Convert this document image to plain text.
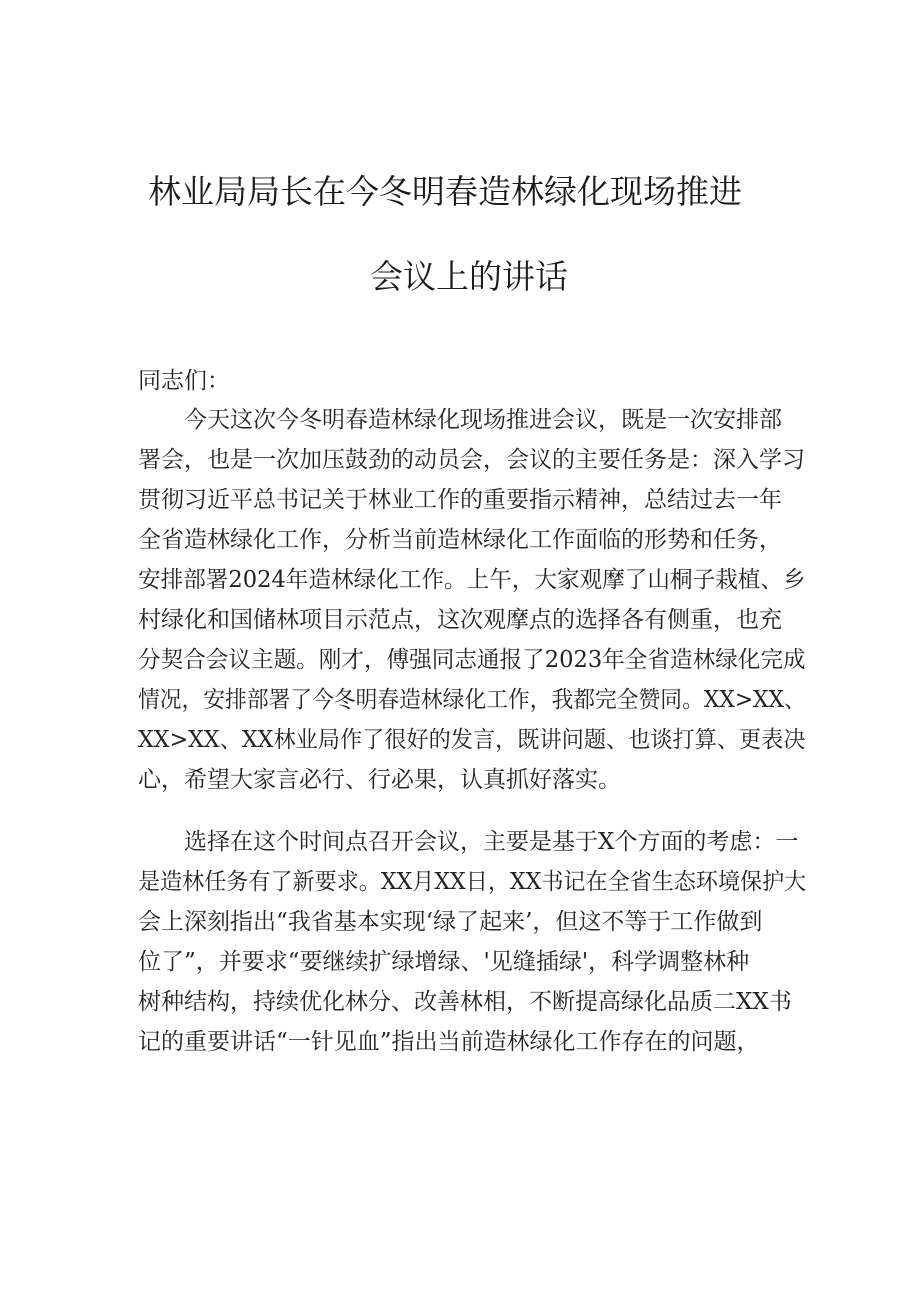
林业局局长在今冬明春造林绿化现场推进
会议上的讲话
同志们：
今天这次今冬明春造林绿化现场推进会议，既是一次安排部
署会，也是一次加压鼓劲的动员会，会议的主要任务是：深入学习
贯彻习近平总书记关于林业工作的重要指示精神，总结过去一年
全省造林绿化工作，分析当前造林绿化工作面临的形势和任务，
安排部署2024年造林绿化工作。上午，大家观摩了山桐子栽植、乡
村绿化和国储林项目示范点，这次观摩点的选择各有侧重，也充
分契合会议主题。刚才，傅强同志通报了2023年全省造林绿化完成
情况，安排部署了今冬明春造林绿化工作，我都完全赞同。XX>XX、
XX>XX、XX林业局作了很好的发言，既讲问题、也谈打算、更表决
心，希望大家言必行、行必果，认真抓好落实。
选择在这个时间点召开会议，主要是基于X个方面的考虑：一
是造林任务有了新要求。XX月XX日，XX书记在全省生态环境保护大
会上深刻指出“我省基本实现‘绿了起来’，但这不等于工作做到
位了”，并要求“要继续扩绿增绿、'见缝插绿'，科学调整林种
树种结构，持续优化林分、改善林相，不断提高绿化品质二XX书
记的重要讲话“一针见血”指出当前造林绿化工作存在的问题，
